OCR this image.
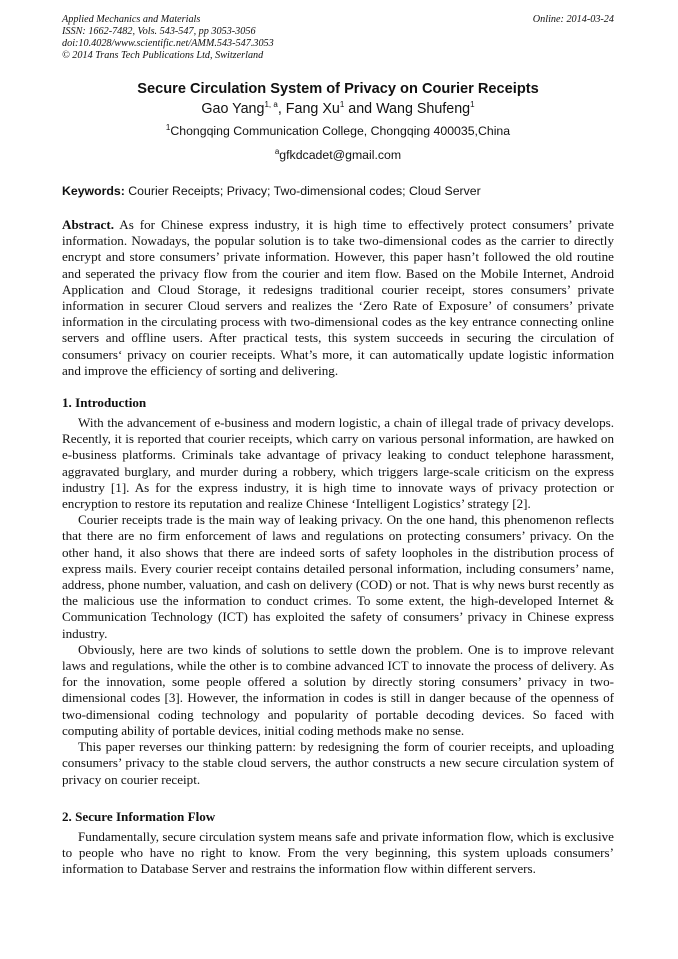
Applied Mechanics and Materials
ISSN: 1662-7482, Vols. 543-547, pp 3053-3056
doi:10.4028/www.scientific.net/AMM.543-547.3053
© 2014 Trans Tech Publications Ltd, Switzerland
Online: 2014-03-24
Secure Circulation System of Privacy on Courier Receipts
Gao Yang$^{1, a}$, Fang Xu$^1$ and Wang Shufeng$^1$
$^1$Chongqing Communication College, Chongqing 400035,China
$^a$gfkdcadet@gmail.com
Keywords: Courier Receipts; Privacy; Two-dimensional codes; Cloud Server

Abstract. As for Chinese express industry, it is high time to effectively protect consumers’ private information. Nowadays, the popular solution is to take two-dimensional codes as the carrier to directly encrypt and store consumers’ private information. However, this paper hasn’t followed the old routine and seperated the privacy flow from the courier and item flow. Based on the Mobile Internet, Android Application and Cloud Storage, it redesigns traditional courier receipt, stores consumers’ private information in securer Cloud servers and realizes the ‘Zero Rate of Exposure’ of consumers’ private information in the circulating process with two-dimensional codes as the key entrance connecting online servers and offline users. After practical tests, this system succeeds in securing the circulation of consumers‘ privacy on courier receipts. What’s more, it can automatically update logistic information and improve the efficiency of sorting and delivering.

1. Introduction

With the advancement of e-business and modern logistic, a chain of illegal trade of privacy develops. Recently, it is reported that courier receipts, which carry on various personal information, are hawked on e-business platforms. Criminals take advantage of privacy leaking to conduct telephone harassment, aggravated burglary, and murder during a robbery, which triggers large-scale criticism on the express industry [1]. As for the express industry, it is high time to innovate ways of privacy protection or encryption to restore its reputation and realize Chinese ‘Intelligent Logistics’ strategy [2].

Courier receipts trade is the main way of leaking privacy. On the one hand, this phenomenon reflects that there are no firm enforcement of laws and regulations on protecting consumers’ privacy. On the other hand, it also shows that there are indeed sorts of safety loopholes in the distribution process of express mails. Every courier receipt contains detailed personal information, including consumers’ name, address, phone number, valuation, and cash on delivery (COD) or not. That is why news burst recently as the malicious use the information to conduct crimes. To some extent, the high-developed Internet & Communication Technology (ICT) has exploited the safety of consumers’ privacy in Chinese express industry.

Obviously, here are two kinds of solutions to settle down the problem. One is to improve relevant laws and regulations, while the other is to combine advanced ICT to innovate the process of delivery. As for the innovation, some people offered a solution by directly storing consumers’ privacy in two-dimensional codes [3]. However, the information in codes is still in danger because of the openness of two-dimensional coding technology and popularity of portable decoding devices. So faced with computing ability of portable devices, initial coding methods make no sense.

This paper reverses our thinking pattern: by redesigning the form of courier receipts, and uploading consumers’ privacy to the stable cloud servers, the author constructs a new secure circulation system of privacy on courier receipt.

2. Secure Information Flow

Fundamentally, secure circulation system means safe and private information flow, which is exclusive to people who have no right to know. From the very beginning, this system uploads consumers’ information to Database Server and restrains the information flow within different servers.
